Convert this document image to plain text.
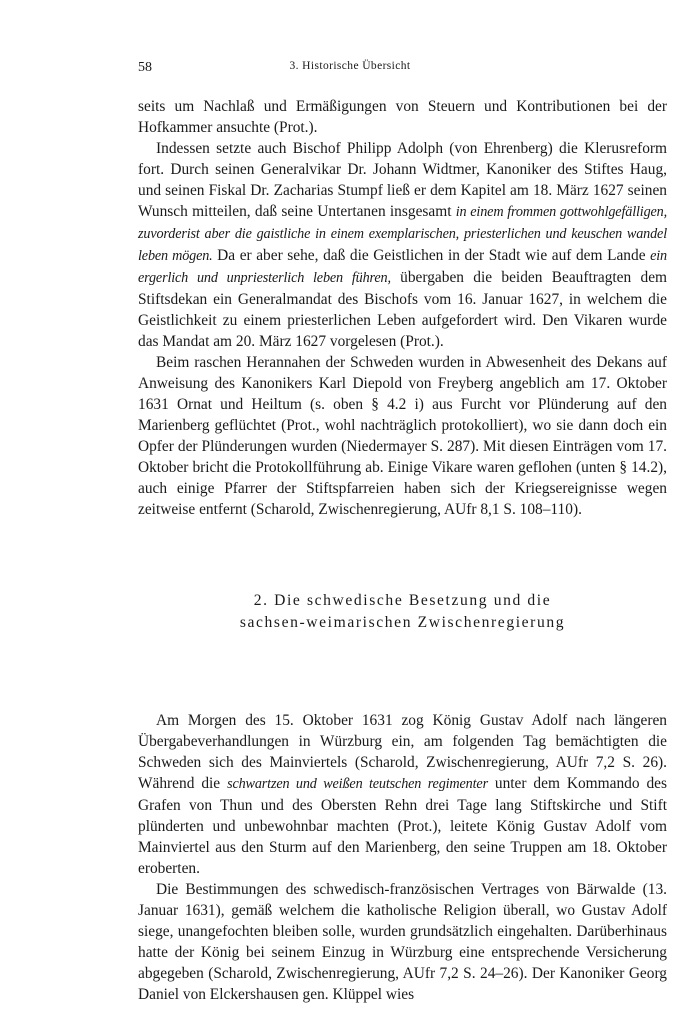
58	3. Historische Übersicht

seits um Nachlaß und Ermäßigungen von Steuern und Kontributionen bei der Hofkammer ansuchte (Prot.).

Indessen setzte auch Bischof Philipp Adolph (von Ehrenberg) die Klerusreform fort. Durch seinen Generalvikar Dr. Johann Widtmer, Kanoniker des Stiftes Haug, und seinen Fiskal Dr. Zacharias Stumpf ließ er dem Kapitel am 18. März 1627 seinen Wunsch mitteilen, daß seine Untertanen insgesamt in einem frommen gottwohlgefälligen, zuvorderist aber die gaistliche in einem exemplarischen, priesterlichen und keuschen wandel leben mögen. Da er aber sehe, daß die Geistlichen in der Stadt wie auf dem Lande ein ergerlich und unpriesterlich leben führen, übergaben die beiden Beauftragten dem Stiftsdekan ein Generalmandat des Bischofs vom 16. Januar 1627, in welchem die Geistlichkeit zu einem priesterlichen Leben aufgefordert wird. Den Vikaren wurde das Mandat am 20. März 1627 vorgelesen (Prot.).

Beim raschen Herannahen der Schweden wurden in Abwesenheit des Dekans auf Anweisung des Kanonikers Karl Diepold von Freyberg angeblich am 17. Oktober 1631 Ornat und Heiltum (s. oben § 4.2 i) aus Furcht vor Plünderung auf den Marienberg geflüchtet (Prot., wohl nachträglich protokolliert), wo sie dann doch ein Opfer der Plünderungen wurden (Niedermayer S. 287). Mit diesen Einträgen vom 17. Oktober bricht die Protokollführung ab. Einige Vikare waren geflohen (unten § 14.2), auch einige Pfarrer der Stiftspfarreien haben sich der Kriegsereignisse wegen zeitweise entfernt (Scharold, Zwischenregierung, AUfr 8,1 S. 108–110).

2. Die schwedische Besetzung und die
sachsen-weimarischen Zwischenregierung

Am Morgen des 15. Oktober 1631 zog König Gustav Adolf nach längeren Übergabeverhandlungen in Würzburg ein, am folgenden Tag bemächtigten die Schweden sich des Mainviertels (Scharold, Zwischenregierung, AUfr 7,2 S. 26). Während die schwartzen und weißen teutschen regimenter unter dem Kommando des Grafen von Thun und des Obersten Rehn drei Tage lang Stiftskirche und Stift plünderten und unbewohnbar machten (Prot.), leitete König Gustav Adolf vom Mainviertel aus den Sturm auf den Marienberg, den seine Truppen am 18. Oktober eroberten.

Die Bestimmungen des schwedisch-französischen Vertrages von Bärwalde (13. Januar 1631), gemäß welchem die katholische Religion überall, wo Gustav Adolf siege, unangefochten bleiben solle, wurden grundsätzlich eingehalten. Darüberhinaus hatte der König bei seinem Einzug in Würzburg eine entsprechende Versicherung abgegeben (Scharold, Zwischenregierung, AUfr 7,2 S. 24–26). Der Kanoniker Georg Daniel von Elckershausen gen. Klüppel wies
